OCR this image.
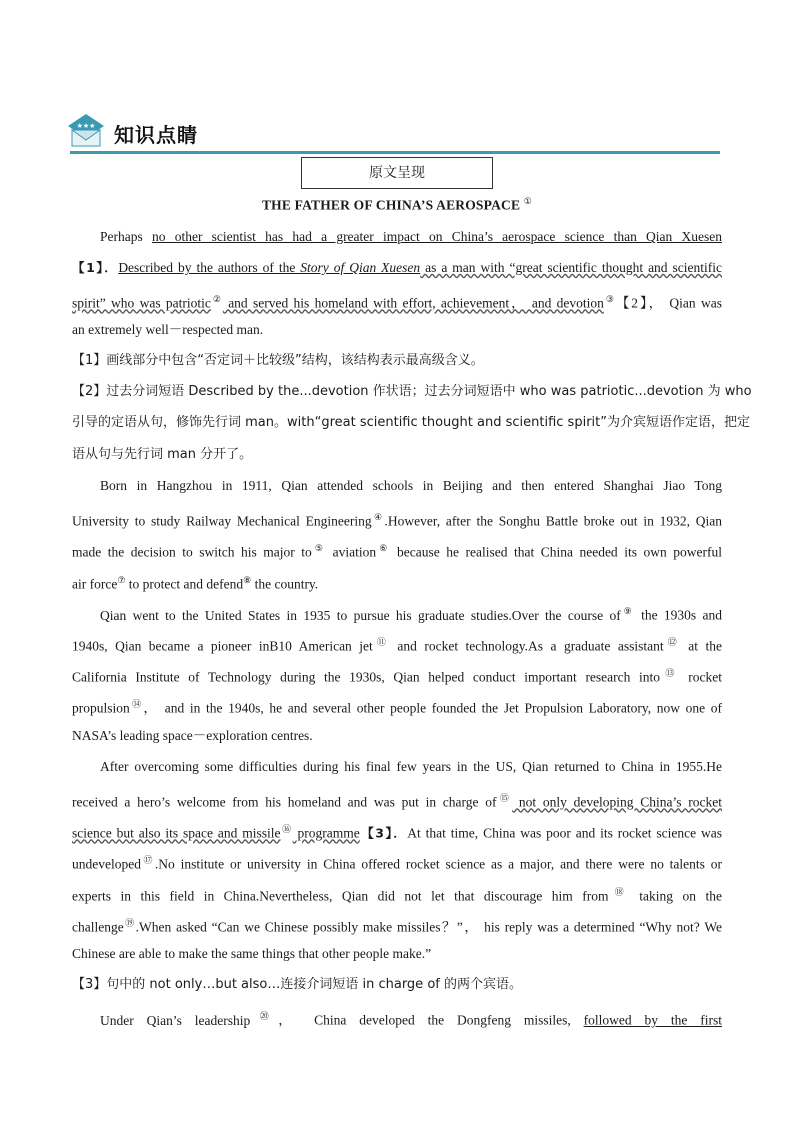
★★★ 知识点睛
原文呈现
THE FATHER OF CHINA’S AEROSPACE ①
Perhaps no other scientist has had a greater impact on China’s aerospace science than Qian Xuesen
【1】．Described by the authors of the Story of Qian Xuesen as a man with “great scientific thought and scientific
spirit” who was patriotic② and served his homeland with effort, achievement， and devotion③【2】， Qian was
an extremely well－respected man.
【1】画线部分中包含“否定词＋比较级”结构，该结构表示最高级含义。
【2】过去分词短语 Described by the...devotion 作状语；过去分词短语中 who was patriotic...devotion 为 who
引导的定语从句，修饰先行词 man。with“great scientific thought and scientific spirit”为介宾短语作定语，把定
语从句与先行词 man 分开了。
Born in Hangzhou in 1911, Qian attended schools in Beijing and then entered Shanghai Jiao Tong
University to study Railway Mechanical Engineering④.However, after the Songhu Battle broke out in 1932, Qian
made the decision to switch his major to⑤ aviation⑥ because he realised that China needed its own powerful
air force⑦ to protect and defend⑧ the country.
Qian went to the United States in 1935 to pursue his graduate studies.Over the course of⑨ the 1930s and
1940s, Qian became a pioneer inB10 American jet⑪ and rocket technology.As a graduate assistant⑫ at the
California Institute of Technology during the 1930s, Qian helped conduct important research into⑬ rocket
propulsion⑭， and in the 1940s, he and several other people founded the Jet Propulsion Laboratory, now one of
NASA’s leading space－exploration centres.
After overcoming some difficulties during his final few years in the US, Qian returned to China in 1955.He
received a hero’s welcome from his homeland and was put in charge of⑮ not only developing China’s rocket
science but also its space and missile⑯ programme【3】．At that time, China was poor and its rocket science was
undeveloped⑰.No institute or university in China offered rocket science as a major, and there were no talents or
experts in this field in China.Nevertheless, Qian did not let that discourage him from⑱ taking on the
challenge⑲.When asked “Can we Chinese possibly make missiles？”， his reply was a determined “Why not? We
Chinese are able to make the same things that other people make.”
【3】句中的 not only…but also…连接介词短语 in charge of 的两个宾语。
Under Qian’s leadership⑳， China developed the Dongfeng missiles, followed by the first
